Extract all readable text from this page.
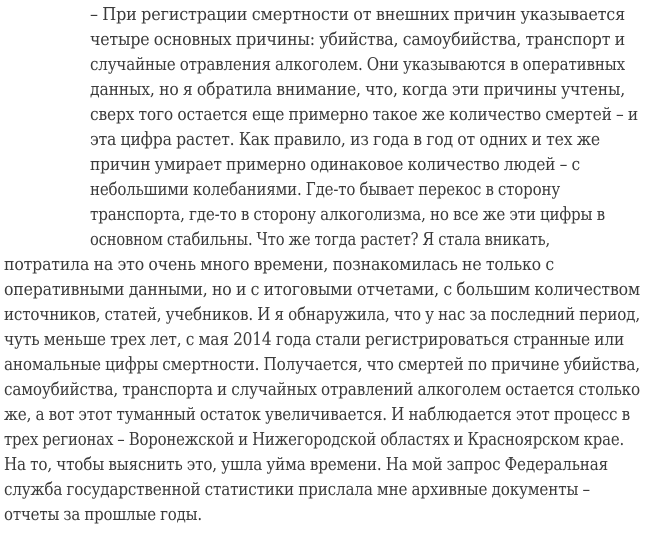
– При регистрации смертности от внешних причин указывается
четыре основных причины: убийства, самоубийства, транспорт и
случайные отравления алкоголем. Они указываются в оперативных
данных, но я обратила внимание, что, когда эти причины учтены,
сверх того остается еще примерно такое же количество смертей – и
эта цифра растет. Как правило, из года в год от одних и тех же
причин умирает примерно одинаковое количество людей – с
небольшими колебаниями. Где-то бывает перекос в сторону
транспорта, где-то в сторону алкоголизма, но все же эти цифры в
основном стабильны. Что же тогда растет? Я стала вникать,
потратила на это очень много времени, познакомилась не только с
оперативными данными, но и с итоговыми отчетами, с большим количеством
источников, статей, учебников. И я обнаружила, что у нас за последний период,
чуть меньше трех лет, с мая 2014 года стали регистрироваться странные или
аномальные цифры смертности. Получается, что смертей по причине убийства,
самоубийства, транспорта и случайных отравлений алкоголем остается столько
же, а вот этот туманный остаток увеличивается. И наблюдается этот процесс в
трех регионах – Воронежской и Нижегородской областях и Красноярском крае.
На то, чтобы выяснить это, ушла уйма времени. На мой запрос Федеральная
служба государственной статистики прислала мне архивные документы –
отчеты за прошлые годы.
